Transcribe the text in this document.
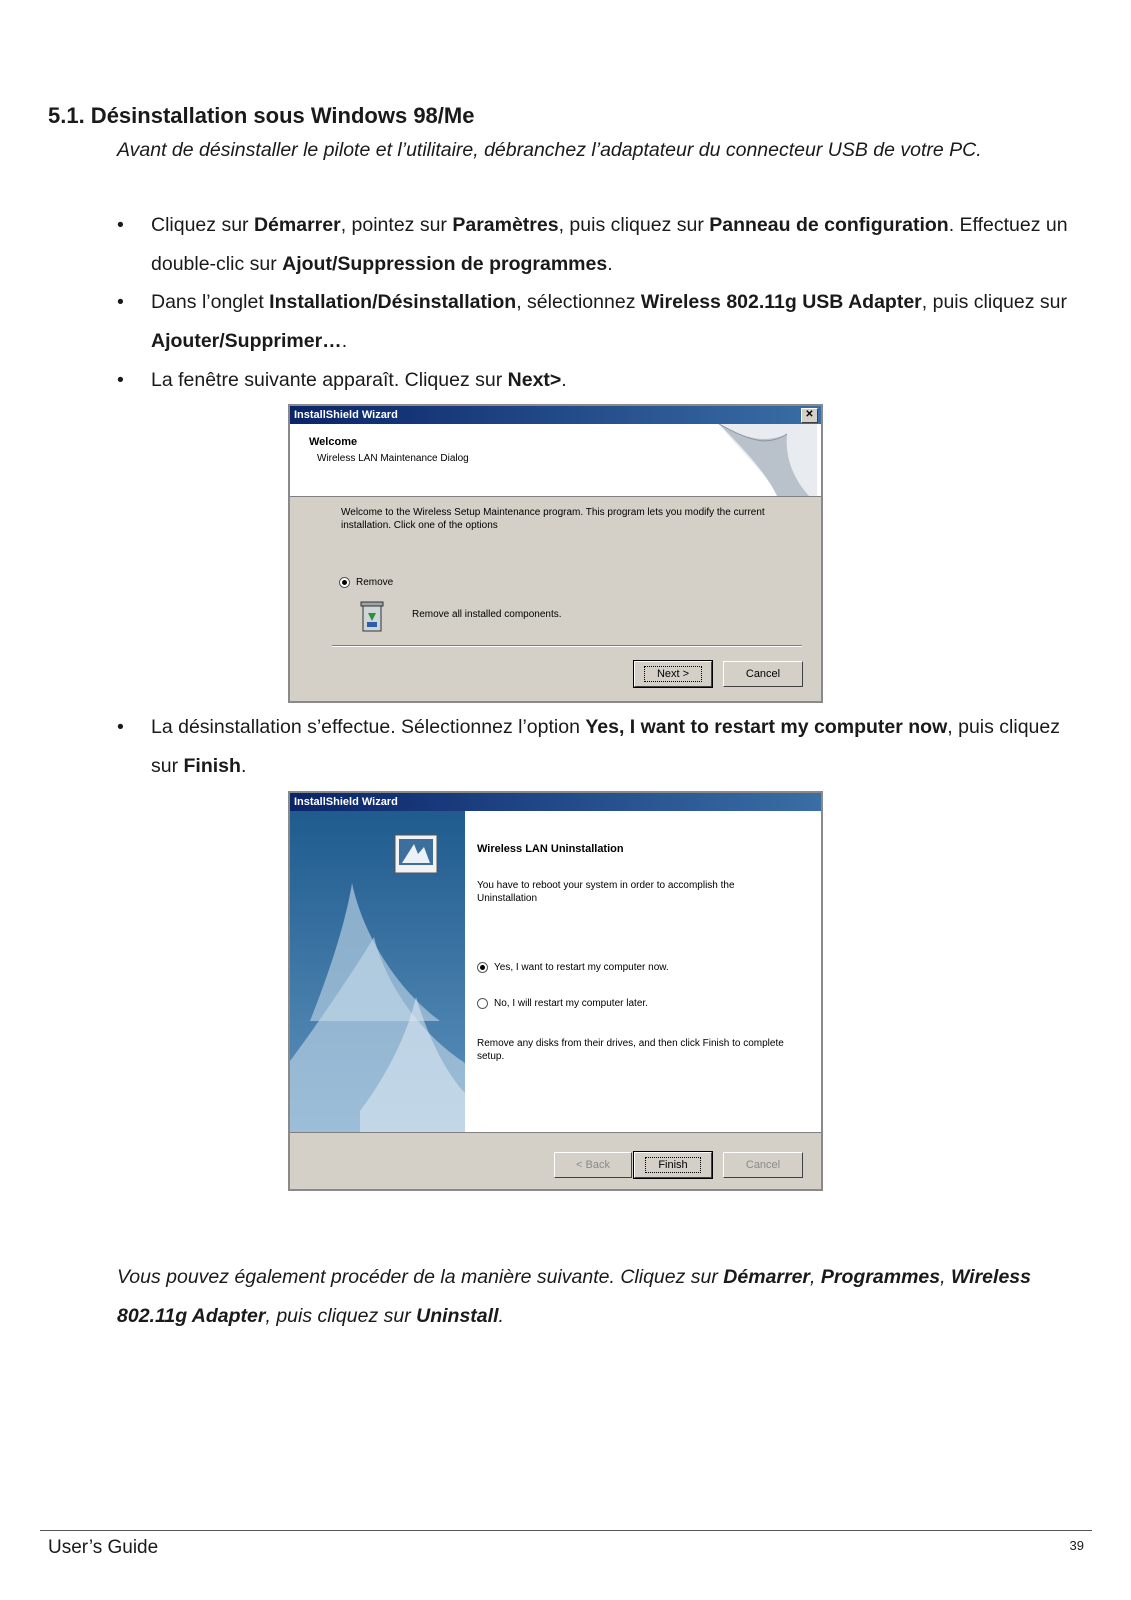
5.1. Désinstallation sous Windows 98/Me
Avant de désinstaller le pilote et l’utilitaire, débranchez l’adaptateur du connecteur USB de votre PC.
•	Cliquez sur Démarrer, pointez sur Paramètres, puis cliquez sur Panneau de configuration. Effectuez un double-clic sur Ajout/Suppression de programmes.
•	Dans l’onglet Installation/Désinstallation, sélectionnez Wireless 802.11g USB Adapter, puis cliquez sur Ajouter/Supprimer….
•	La fenêtre suivante apparaît. Cliquez sur Next>.
InstallShield Wizard	✕
Welcome
Wireless LAN Maintenance Dialog
Welcome to the Wireless Setup Maintenance program. This program lets you modify the current installation. Click one of the options
Remove
Remove all installed components.
Next >	Cancel
•	La désinstallation s’effectue. Sélectionnez l’option Yes, I want to restart my computer now, puis cliquez sur Finish.
InstallShield Wizard
Wireless LAN Uninstallation
You have to reboot your system in order to accomplish the Uninstallation
Yes, I want to restart my computer now.
No, I will restart my computer later.
Remove any disks from their drives, and then click Finish to complete setup.
< Back	Finish	Cancel
Vous pouvez également procéder de la manière suivante. Cliquez sur Démarrer, Programmes, Wireless 802.11g Adapter, puis cliquez sur Uninstall.
User’s Guide	39
